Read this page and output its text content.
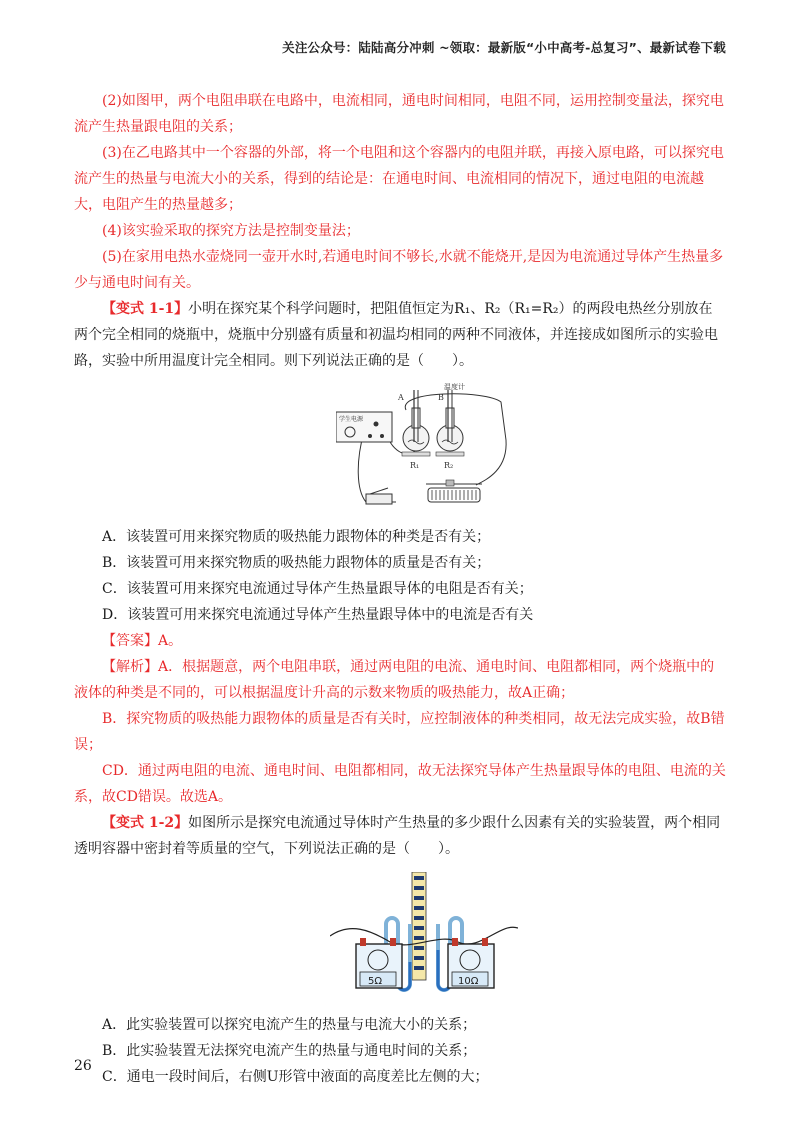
关注公众号：陆陆高分冲刺 ~领取：最新版“小中高考-总复习”、最新试卷下载

(2)如图甲，两个电阻串联在电路中，电流相同，通电时间相同，电阻不同，运用控制变量法，探究电流产生热量跟电阻的关系；

(3)在乙电路其中一个容器的外部，将一个电阻和这个容器内的电阻并联，再接入原电路，可以探究电流产生的热量与电流大小的关系，得到的结论是：在通电时间、电流相同的情况下，通过电阻的电流越大，电阻产生的热量越多；

(4)该实验采取的探究方法是控制变量法；

(5)在家用电热水壶烧同一壶开水时,若通电时间不够长,水就不能烧开,是因为电流通过导体产生热量多少与通电时间有关。

【变式 1-1】小明在探究某个科学问题时，把阻值恒定为R₁、R₂（R₁=R₂）的两段电热丝分别放在两个完全相同的烧瓶中，烧瓶中分别盛有质量和初温均相同的两种不同液体，并连接成如图所示的实验电路，实验中所用温度计完全相同。则下列说法正确的是（　　）。

学生电源
A	B
温度计
R₁	R₂

A．该装置可用来探究物质的吸热能力跟物体的种类是否有关；

B．该装置可用来探究物质的吸热能力跟物体的质量是否有关；

C．该装置可用来探究电流通过导体产生热量跟导体的电阻是否有关；

D．该装置可用来探究电流通过导体产生热量跟导体中的电流是否有关

【答案】A。

【解析】A．根据题意，两个电阻串联，通过两电阻的电流、通电时间、电阻都相同，两个烧瓶中的液体的种类是不同的，可以根据温度计升高的示数来物质的吸热能力，故A正确；

B．探究物质的吸热能力跟物体的质量是否有关时，应控制液体的种类相同，故无法完成实验，故B错误；

CD．通过两电阻的电流、通电时间、电阻都相同，故无法探究导体产生热量跟导体的电阻、电流的关系，故CD错误。故选A。

【变式 1-2】如图所示是探究电流通过导体时产生热量的多少跟什么因素有关的实验装置，两个相同透明容器中密封着等质量的空气，下列说法正确的是（　　）。

5Ω	10Ω

A．此实验装置可以探究电流产生的热量与电流大小的关系；

B．此实验装置无法探究电流产生的热量与通电时间的关系；

C．通电一段时间后，右侧U形管中液面的高度差比左侧的大；

26
